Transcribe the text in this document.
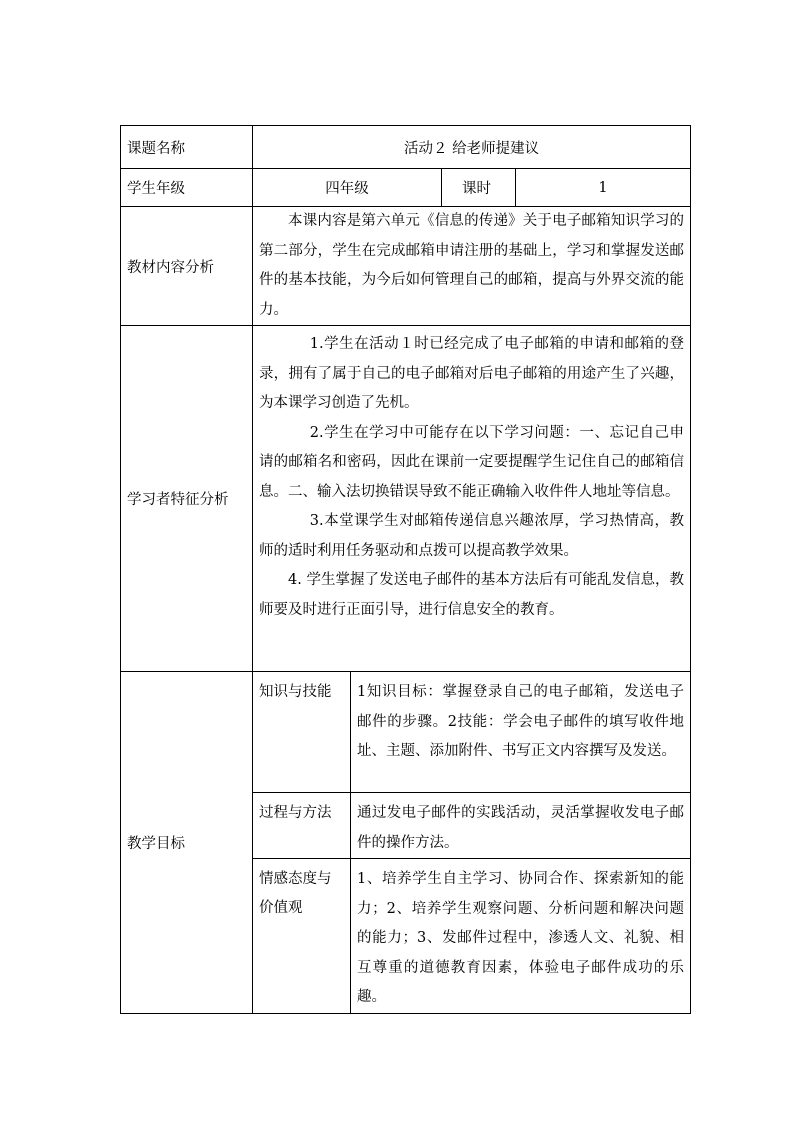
课题名称	活动２ 给老师提建议			
学生年级	四年级		课时	1
教材内容分析	本课内容是第六单元《信息的传递》关于电子邮箱知识学习的第二部分，学生在完成邮箱申请注册的基础上，学习和掌握发送邮件的基本技能，为今后如何管理自己的邮箱，提高与外界交流的能力。			

学习者特征分析	1.学生在活动１时已经完成了电子邮箱的申请和邮箱的登录，拥有了属于自己的电子邮箱对后电子邮箱的用途产生了兴趣，为本课学习创造了先机。

2.学生在学习中可能存在以下学习问题：一、忘记自己申请的邮箱名和密码，因此在课前一定要提醒学生记住自己的邮箱信息。二、输入法切换错误导致不能正确输入收件件人地址等信息。

3.本堂课学生对邮箱传递信息兴趣浓厚，学习热情高，教师的适时利用任务驱动和点拨可以提高教学效果。

4. 学生掌握了发送电子邮件的基本方法后有可能乱发信息，教师要及时进行正面引导，进行信息安全的教育。			

教学目标	知识与技能	1知识目标：掌握登录自己的电子邮箱，发送电子邮件的步骤。2技能：学会电子邮件的填写收件地址、主题、添加附件、书写正文内容撰写及发送。		
	过程与方法	通过发电子邮件的实践活动，灵活掌握收发电子邮件的操作方法。		
	情感态度与价值观	1、培养学生自主学习、协同合作、探索新知的能力；2、培养学生观察问题、分析问题和解决问题的能力；3、发邮件过程中，渗透人文、礼貌、相互尊重的道德教育因素，体验电子邮件成功的乐趣。		
